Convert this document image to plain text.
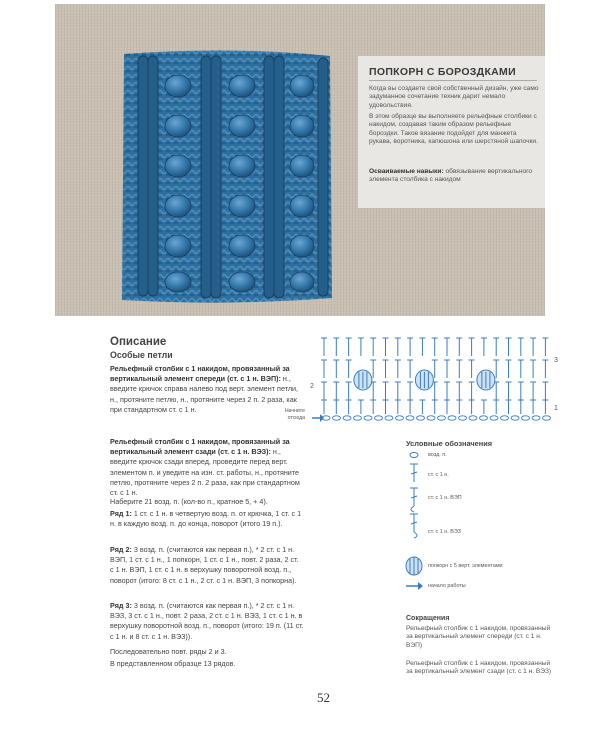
ПОПКОРН С БОРОЗДКАМИ
Когда вы создаете свой собственный дизайн, уже само задуманное сочетание техник дарит немало удовольствия.
В этом образце вы выполняете рельефные столбики с накидом, создавая таким образом рельефные бороздки. Такое вязание подойдет для манжета рукава, воротника, капюшона или шерстяной шапочки.
Осваиваемые навыки: обвязывание вертикального элемента столбика с накидом
Описание
Особые петли
Рельефный столбик с 1 накидом, провязанный за вертикальный элемент спереди (ст. с 1 н. ВЭП): н., введите крючок справа налево под верт. элемент петли, н., протяните петлю, н., протяните через 2 п. 2 раза, как при стандартном ст. с 1 н.
Рельефный столбик с 1 накидом, провязанный за вертикальный элемент сзади (ст. с 1 н. ВЭЗ): н., введите крючок сзади вперед, проведите перед верт. элементом п. и уведите на изн. ст. работы, н., протяните петлю, протяните через 2 п. 2 раза, как при стандартном ст. с 1 н.
Наберите 21 возд. п. (кол-во п., кратное 5, + 4).
Ряд 1: 1 ст. с 1 н. в четвертую возд. п. от крючка, 1 ст. с 1 н. в каждую возд. п. до конца, поворот (итого 19 п.).
Ряд 2: 3 возд. п. (считаются как первая п.), * 2 ст. с 1 н. ВЭП, 1 ст. с 1 н., 1 попкорн, 1 ст. с 1 н., повт. 2 раза, 2 ст. с 1 н. ВЭП, 1 ст. с 1 н. в верхушку поворотной возд. п., поворот (итого: 8 ст. с 1 н., 2 ст. с 1 н. ВЭП, 3 попкорна).
Ряд 3: 3 возд. п. (считаются как первая п.), * 2 ст. с 1 н. ВЭЗ, 3 ст. с 1 н., повт. 2 раза, 2 ст. с 1 н. ВЭЗ, 1 ст. с 1 н. в верхушку поворотной возд. п., поворот (итого: 19 п. (11 ст. с 1 н. и 8 ст. с 1 н. ВЭЗ)).
Последовательно повт. ряды 2 и 3.
В представленном образце 13 рядов.
52
3
2
1
Начните отсюда
Условные обозначения
возд. п.
ст. с 1 н.
ст. с 1 н. ВЭП
ст. с 1 н. ВЭЗ
попкорн с 5 верт. элементами
начало работы
Сокращения
Рельефный столбик с 1 накидом, провязанный за вертикальный элемент спереди (ст. с 1 н. ВЭП)
Рельефный столбик с 1 накидом, провязанный за вертикальный элемент сзади (ст. с 1 н. ВЭЗ)
